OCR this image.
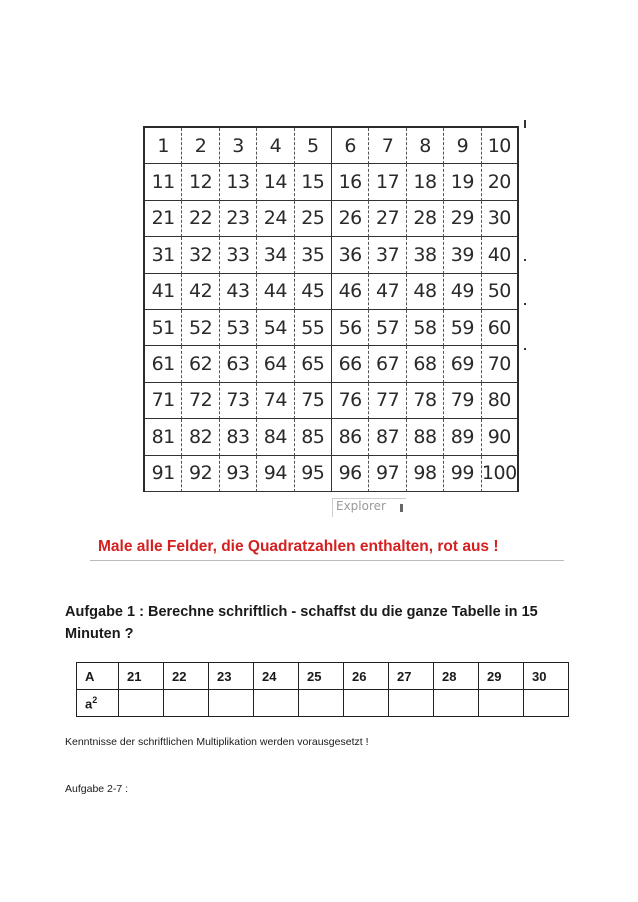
1	2	3	4	5	6	7	8	9	10
11 12 13 14 15 16 17 18 19 20
21 22 23 24 25 26 27 28 29 30
31 32 33 34 35 36 37 38 39 40
41 42 43 44 45 46 47 48 49 50
51 52 53 54 55 56 57 58 59 60
61 62 63 64 65 66 67 68 69 70
71 72 73 74 75 76 77 78 79 80
81 82 83 84 85 86 87 88 89 90
91 92 93 94 95 96 97 98 99 100
Explorer
Male alle Felder, die Quadratzahlen enthalten, rot aus !
Aufgabe 1 : Berechne schriftlich - schaffst du die ganze Tabelle in 15 Minuten ?
A	21	22	23	24	25	26	27	28	29	30
$a^2$										
Kenntnisse der schriftlichen Multiplikation werden vorausgesetzt !
Aufgabe 2-7 :
